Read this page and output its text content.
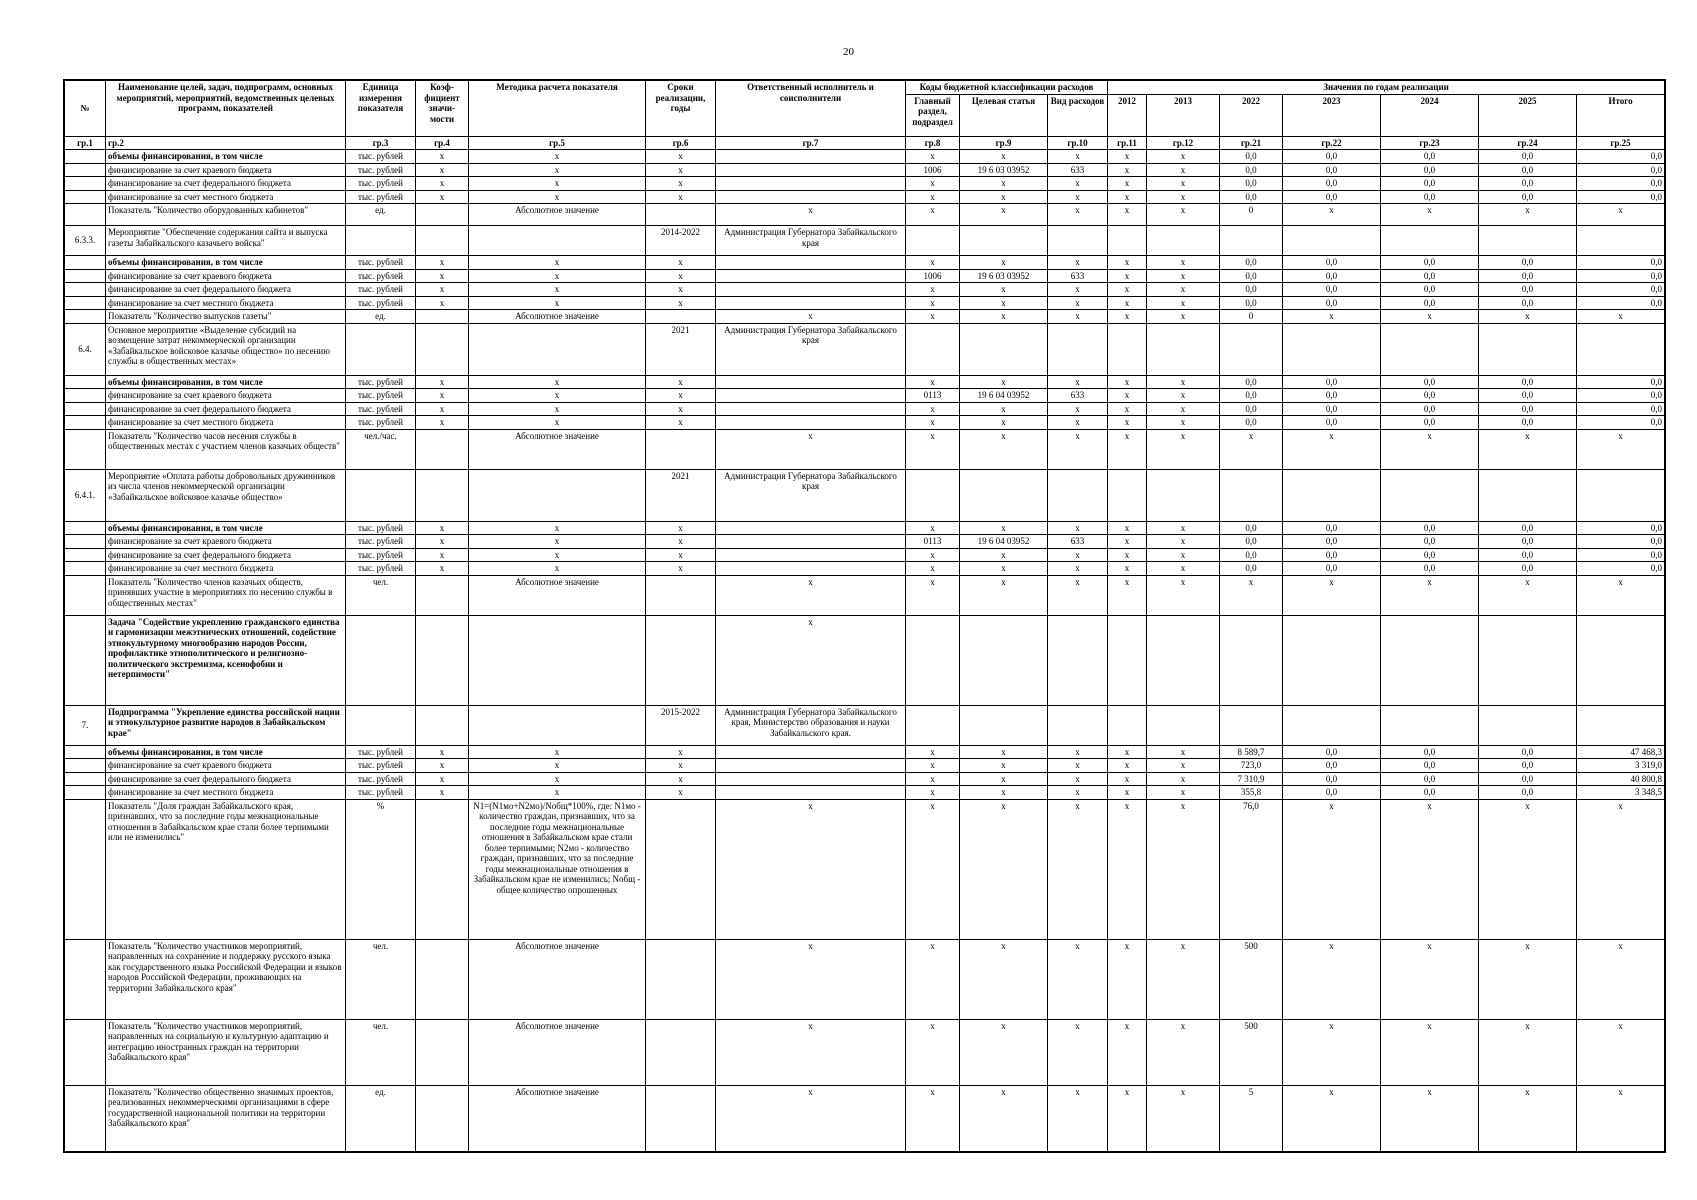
20
№	Наименование целей, задач, подпрограмм, основных мероприятий, мероприятий, ведомственных целевых программ, показателей	Единица измерения показателя	Коэф-фициент значи-мости	Методика расчета показателя	Сроки реализации, годы	Ответственный исполнитель и соисполнители	Коды бюджетной классификации расходов			Значения по годам реализации						
							Главный раздел, подраздел	Целевая статья	Вид расходов	2012	2013	2022	2023	2024	2025	Итого
гр.1	гр.2	гр.3	гр.4	гр.5	гр.6	гр.7	гр.8	гр.9	гр.10	гр.11	гр.12	гр.21	гр.22	гр.23	гр.24	гр.25
	объемы финансирования, в том числе	тыс. рублей	x	x	x		x	x	x	x	x	0,0	0,0	0,0	0,0	0,0
	финансирование за счет краевого бюджета	тыс. рублей	x	x	x		1006	19 6 03 03952	633	x	x	0,0	0,0	0,0	0,0	0,0
	финансирование за счет федерального бюджета	тыс. рублей	x	x	x		x	x	x	x	x	0,0	0,0	0,0	0,0	0,0
	финансирование за счет местного бюджета	тыс. рублей	x	x	x		x	x	x	x	x	0,0	0,0	0,0	0,0	0,0
	Показатель "Количество оборудованных кабинетов"	ед.		Абсолютное значение		x	x	x	x	x	x	0	x	x	x	x
6.3.3.	Мероприятие "Обеспечение содержания сайта и выпуска газеты Забайкальского казачьего войска"				2014-2022	Администрация Губернатора Забайкальского края										
	объемы финансирования, в том числе	тыс. рублей	x	x	x		x	x	x	x	x	0,0	0,0	0,0	0,0	0,0
	финансирование за счет краевого бюджета	тыс. рублей	x	x	x		1006	19 6 03 03952	633	x	x	0,0	0,0	0,0	0,0	0,0
	финансирование за счет федерального бюджета	тыс. рублей	x	x	x		x	x	x	x	x	0,0	0,0	0,0	0,0	0,0
	финансирование за счет местного бюджета	тыс. рублей	x	x	x		x	x	x	x	x	0,0	0,0	0,0	0,0	0,0
	Показатель "Количество выпусков газеты"	ед.		Абсолютное значение		x	x	x	x	x	x	0	x	x	x	x
6.4.	Основное мероприятие «Выделение субсидий на возмещение затрат некоммерческой организации «Забайкальское войсковое казачье общество» по несению службы в общественных местах»				2021	Администрация Губернатора Забайкальского края										
	объемы финансирования, в том числе	тыс. рублей	x	x	x		x	x	x	x	x	0,0	0,0	0,0	0,0	0,0
	финансирование за счет краевого бюджета	тыс. рублей	x	x	x		0113	19 6 04 03952	633	x	x	0,0	0,0	0,0	0,0	0,0
	финансирование за счет федерального бюджета	тыс. рублей	x	x	x		x	x	x	x	x	0,0	0,0	0,0	0,0	0,0
	финансирование за счет местного бюджета	тыс. рублей	x	x	x		x	x	x	x	x	0,0	0,0	0,0	0,0	0,0
	Показатель "Количество часов несения службы в общественных местах с участием членов казачьих обществ"	чел./час.		Абсолютное значение		x	x	x	x	x	x	x	x	x	x	x
6.4.1.	Мероприятие «Оплата работы добровольных дружинников из числа членов некоммерческой организации «Забайкальское войсковое казачье общество»				2021	Администрация Губернатора Забайкальского края										
	объемы финансирования, в том числе	тыс. рублей	x	x	x		x	x	x	x	x	0,0	0,0	0,0	0,0	0,0
	финансирование за счет краевого бюджета	тыс. рублей	x	x	x		0113	19 6 04 03952	633	x	x	0,0	0,0	0,0	0,0	0,0
	финансирование за счет федерального бюджета	тыс. рублей	x	x	x		x	x	x	x	x	0,0	0,0	0,0	0,0	0,0
	финансирование за счет местного бюджета	тыс. рублей	x	x	x		x	x	x	x	x	0,0	0,0	0,0	0,0	0,0
	Показатель "Количество членов казачьих обществ, принявших участие в мероприятиях по несению службы в общественных местах"	чел.		Абсолютное значение		x	x	x	x	x	x	x	x	x	x	x
	Задача "Содействие укреплению гражданского единства и гармонизации межэтнических отношений, содействие этнокультурному многообразию народов России, профилактике этнополитического и религиозно-политического экстремизма, ксенофобии и нетерпимости"					x										
7.	Подпрограмма "Укрепление единства российской нации и этнокультурное развитие народов в Забайкальском крае"				2015-2022	Администрация Губернатора Забайкальского края, Министерство образования и науки Забайкальского края.										
	объемы финансирования, в том числе	тыс. рублей	x	x	x		x	x	x	x	x	8 589,7	0,0	0,0	0,0	47 468,3
	финансирование за счет краевого бюджета	тыс. рублей	x	x	x		x	x	x	x	x	723,0	0,0	0,0	0,0	3 319,0
	финансирование за счет федерального бюджета	тыс. рублей	x	x	x		x	x	x	x	x	7 310,9	0,0	0,0	0,0	40 800,8
	финансирование за счет местного бюджета	тыс. рублей	x	x	x		x	x	x	x	x	355,8	0,0	0,0	0,0	3 348,5
	Показатель "Доля граждан Забайкальского края, признавших, что за последние годы межнациональные отношения в Забайкальском крае стали более терпимыми или не изменились"	%		N1=(N1мо+N2мо)/Nобщ*100%, где: N1мо - количество граждан, признавших, что за последние годы межнациональные отношения в Забайкальском крае стали более терпимыми; N2мо - количество граждан, признавших, что за последние годы межнациональные отношения в Забайкальском крае не изменились; Nобщ - общее количество опрошенных		x	x	x	x	x	x	76,0	x	x	x	x
	Показатель "Количество участников мероприятий, направленных на сохранение и поддержку русского языка как государственного языка Российской Федерации и языков народов Российской Федерации, проживающих на территории Забайкальского края"	чел.		Абсолютное значение		x	x	x	x	x	x	500	x	x	x	x
	Показатель "Количество участников мероприятий, направленных на социальную и культурную адаптацию и интеграцию иностранных граждан на территории Забайкальского края"	чел.		Абсолютное значение		x	x	x	x	x	x	500	x	x	x	x
	Показатель "Количество общественно значимых проектов, реализованных некоммерческими организациями в сфере государственной национальной политики на территории Забайкальского края"	ед.		Абсолютное значение		x	x	x	x	x	x	5	x	x	x	x
